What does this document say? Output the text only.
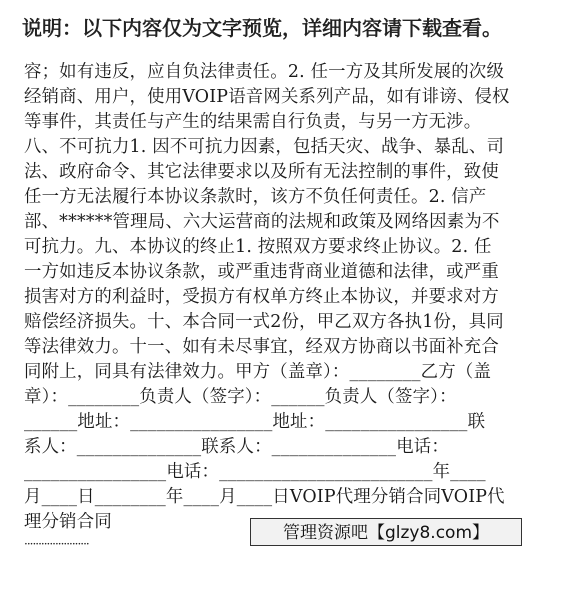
说明：以下内容仅为文字预览，详细内容请下载查看。
容；如有违反，应自负法律责任。2. 任一方及其所发展的次级
经销商、用户，使用VOIP语音网关系列产品，如有诽谤、侵权
等事件，其责任与产生的结果需自行负责，与另一方无涉。
八、不可抗力1. 因不可抗力因素，包括天灾、战争、暴乱、司
法、政府命令、其它法律要求以及所有无法控制的事件，致使
任一方无法履行本协议条款时，该方不负任何责任。2. 信产
部、******管理局、六大运营商的法规和政策及网络因素为不
可抗力。九、本协议的终止1. 按照双方要求终止协议。2. 任
一方如违反本协议条款，或严重违背商业道德和法律，或严重
损害对方的利益时，受损方有权单方终止本协议，并要求对方
赔偿经济损失。十、本合同一式2份，甲乙双方各执1份，具同
等法律效力。十一、如有未尽事宜，经双方协商以书面补充合
同附上，同具有法律效力。甲方（盖章）：________乙方（盖
章）：________负责人（签字）：______负责人（签字）：
______地址：________________地址：________________联
系人：______________联系人：______________电话：
________________电话：________________________年____
月____日________年____月____日VOIP代理分销合同VOIP代
理分销合同
管理资源吧【glzy8.com】
·······················
